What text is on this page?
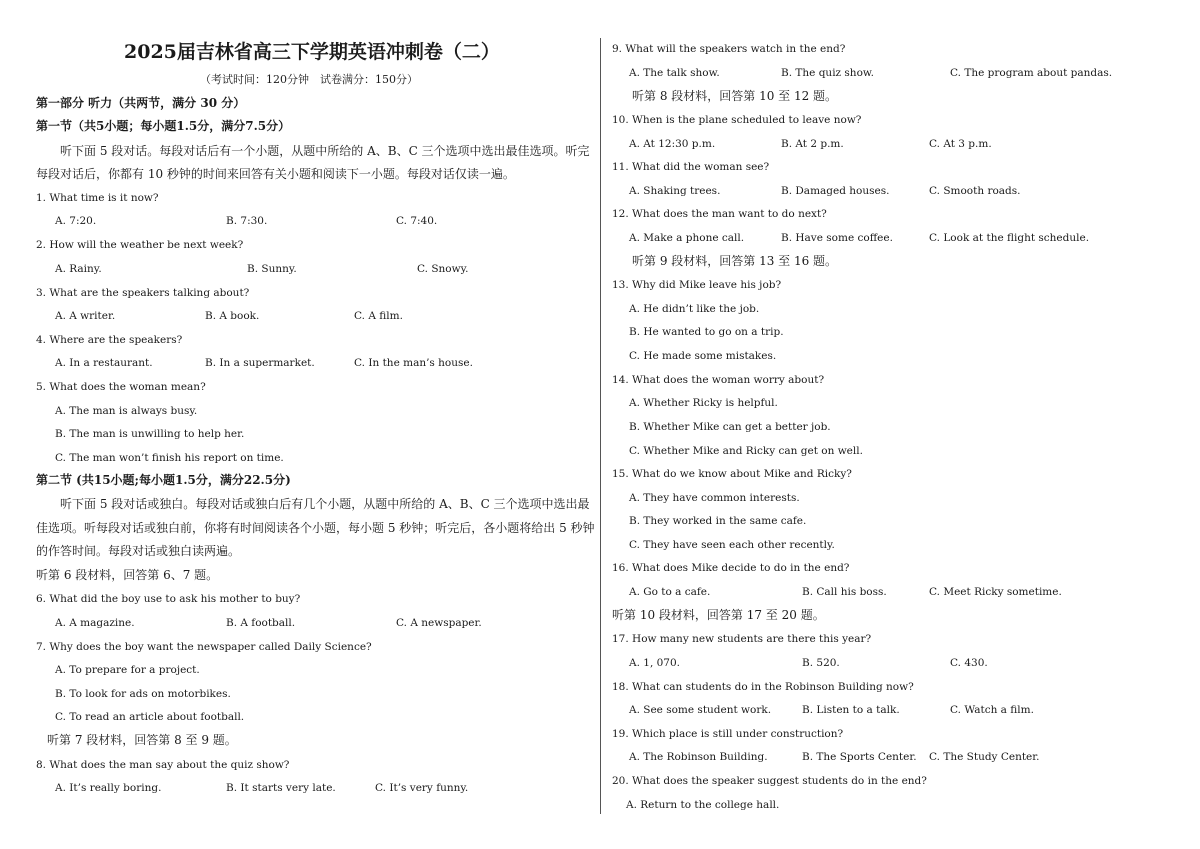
2025届吉林省高三下学期英语冲刺卷（二）
（考试时间：120分钟　试卷满分：150分）
第一部分 听力（共两节，满分 30 分）
第一节（共5小题；每小题1.5分，满分7.5分）
听下面 5 段对话。每段对话后有一个小题，从题中所给的 A、B、C 三个选项中选出最佳选项。听完
每段对话后，你都有 10 秒钟的时间来回答有关小题和阅读下一小题。每段对话仅读一遍。
1. What time is it now?
A. 7:20.	B. 7:30.	C. 7:40.
2. How will the weather be next week?
A. Rainy.	B. Sunny.	C. Snowy.
3. What are the speakers talking about?
A. A writer.	B. A book.	C. A film.
4. Where are the speakers?
A. In a restaurant.	B. In a supermarket.	C. In the man’s house.
5. What does the woman mean?
A. The man is always busy.
B. The man is unwilling to help her.
C. The man won’t finish his report on time.
第二节 (共15小题;每小题1.5分，满分22.5分)
听下面 5 段对话或独白。每段对话或独白后有几个小题，从题中所给的 A、B、C 三个选项中选出最
佳选项。听每段对话或独白前，你将有时间阅读各个小题，每小题 5 秒钟；听完后，各小题将给出 5 秒钟
的作答时间。每段对话或独白读两遍。
听第 6 段材料，回答第 6、7 题。
6. What did the boy use to ask his mother to buy?
A. A magazine.	B. A football.	C. A newspaper.
7. Why does the boy want the newspaper called Daily Science?
A. To prepare for a project.
B. To look for ads on motorbikes.
C. To read an article about football.
听第 7 段材料，回答第 8 至 9 题。
8. What does the man say about the quiz show?
A. It’s really boring.	B. It starts very late.	C. It’s very funny.
9. What will the speakers watch in the end?
A. The talk show.	B. The quiz show.	C. The program about pandas.
听第 8 段材料，回答第 10 至 12 题。
10. When is the plane scheduled to leave now?
A. At 12:30 p.m.	B. At 2 p.m.	C. At 3 p.m.
11. What did the woman see?
A. Shaking trees.	B. Damaged houses.	C. Smooth roads.
12. What does the man want to do next?
A. Make a phone call.	B. Have some coffee.	C. Look at the flight schedule.
听第 9 段材料，回答第 13 至 16 题。
13. Why did Mike leave his job?
A. He didn’t like the job.
B. He wanted to go on a trip.
C. He made some mistakes.
14. What does the woman worry about?
A. Whether Ricky is helpful.
B. Whether Mike can get a better job.
C. Whether Mike and Ricky can get on well.
15. What do we know about Mike and Ricky?
A. They have common interests.
B. They worked in the same cafe.
C. They have seen each other recently.
16. What does Mike decide to do in the end?
A. Go to a cafe.	B. Call his boss.	C. Meet Ricky sometime.
听第 10 段材料，回答第 17 至 20 题。
17. How many new students are there this year?
A. 1, 070.	B. 520.	C. 430.
18. What can students do in the Robinson Building now?
A. See some student work.	B. Listen to a talk.	C. Watch a film.
19. Which place is still under construction?
A. The Robinson Building.	B. The Sports Center. C. The Study Center.
20. What does the speaker suggest students do in the end?
A. Return to the college hall.
